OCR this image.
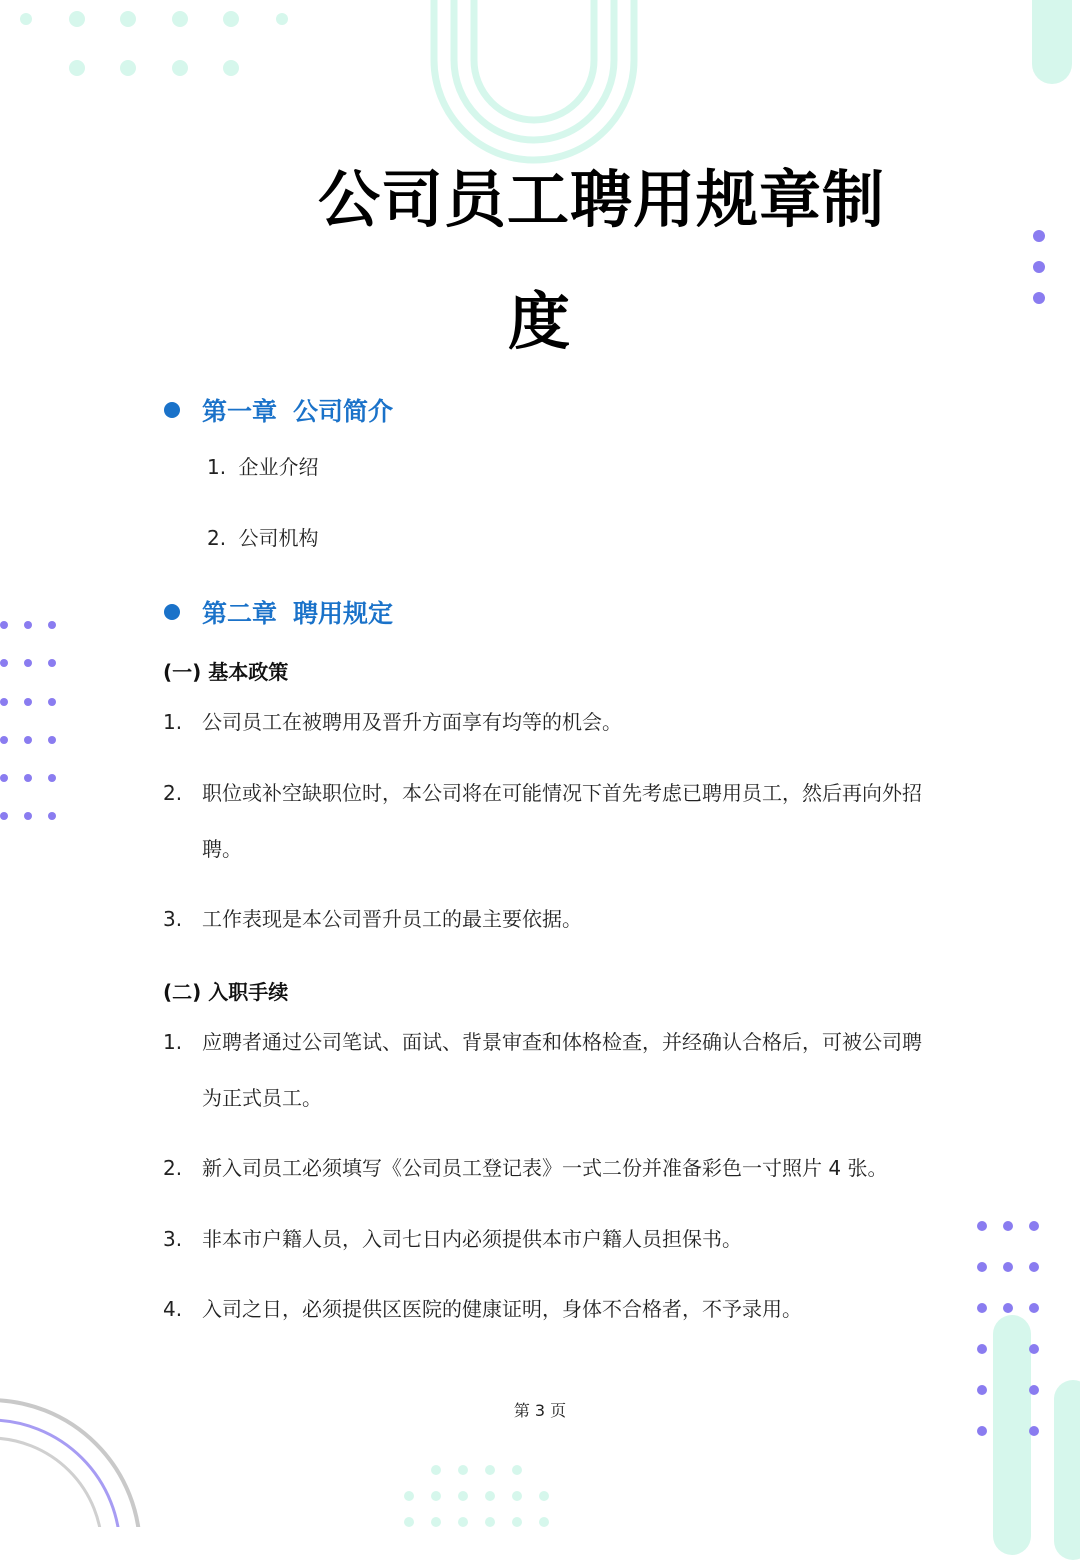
公司员工聘用规章制
度
第一章 公司简介
1. 企业介绍
2. 公司机构
第二章 聘用规定
(一) 基本政策
1. 公司员工在被聘用及晋升方面享有均等的机会。
2. 职位或补空缺职位时，本公司将在可能情况下首先考虑已聘用员工，然后再向外招聘。
3. 工作表现是本公司晋升员工的最主要依据。
(二) 入职手续
1. 应聘者通过公司笔试、面试、背景审查和体格检查，并经确认合格后，可被公司聘为正式员工。
2. 新入司员工必须填写《公司员工登记表》一式二份并准备彩色一寸照片 4 张。
3. 非本市户籍人员，入司七日内必须提供本市户籍人员担保书。
4. 入司之日，必须提供区医院的健康证明，身体不合格者，不予录用。
第 3 页
